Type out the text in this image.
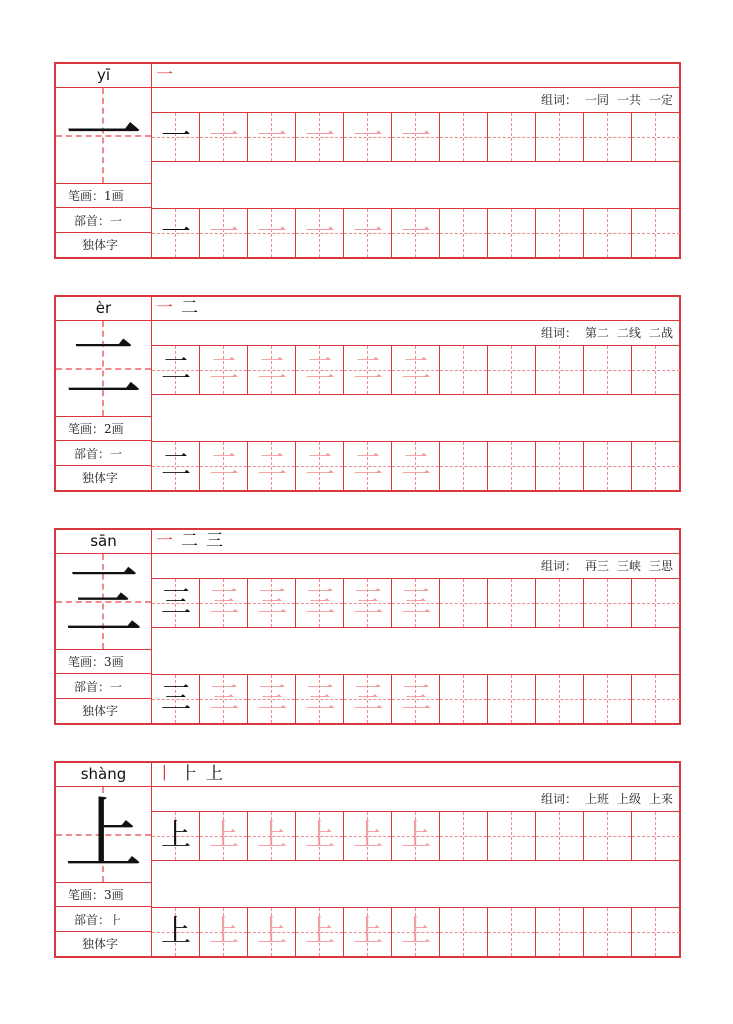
yī
一
笔画：1画
部首：一
独体字
一
组词： 一同 一共 一定
一 一 一 一 一 一
一 一 一 一 一 一
èr
二
笔画：2画
部首：一
独体字
一 二
组词： 第二 二线 二战
二 二 二 二 二 二
二 二 二 二 二 二
sān
三
笔画：3画
部首：一
独体字
一 二 三
组词： 再三 三峡 三思
三 三 三 三 三 三
三 三 三 三 三 三
shàng
上
笔画：3画
部首：⺊
独体字
丨 ⺊ 上
组词： 上班 上级 上来
上 上 上 上 上 上
上 上 上 上 上 上
